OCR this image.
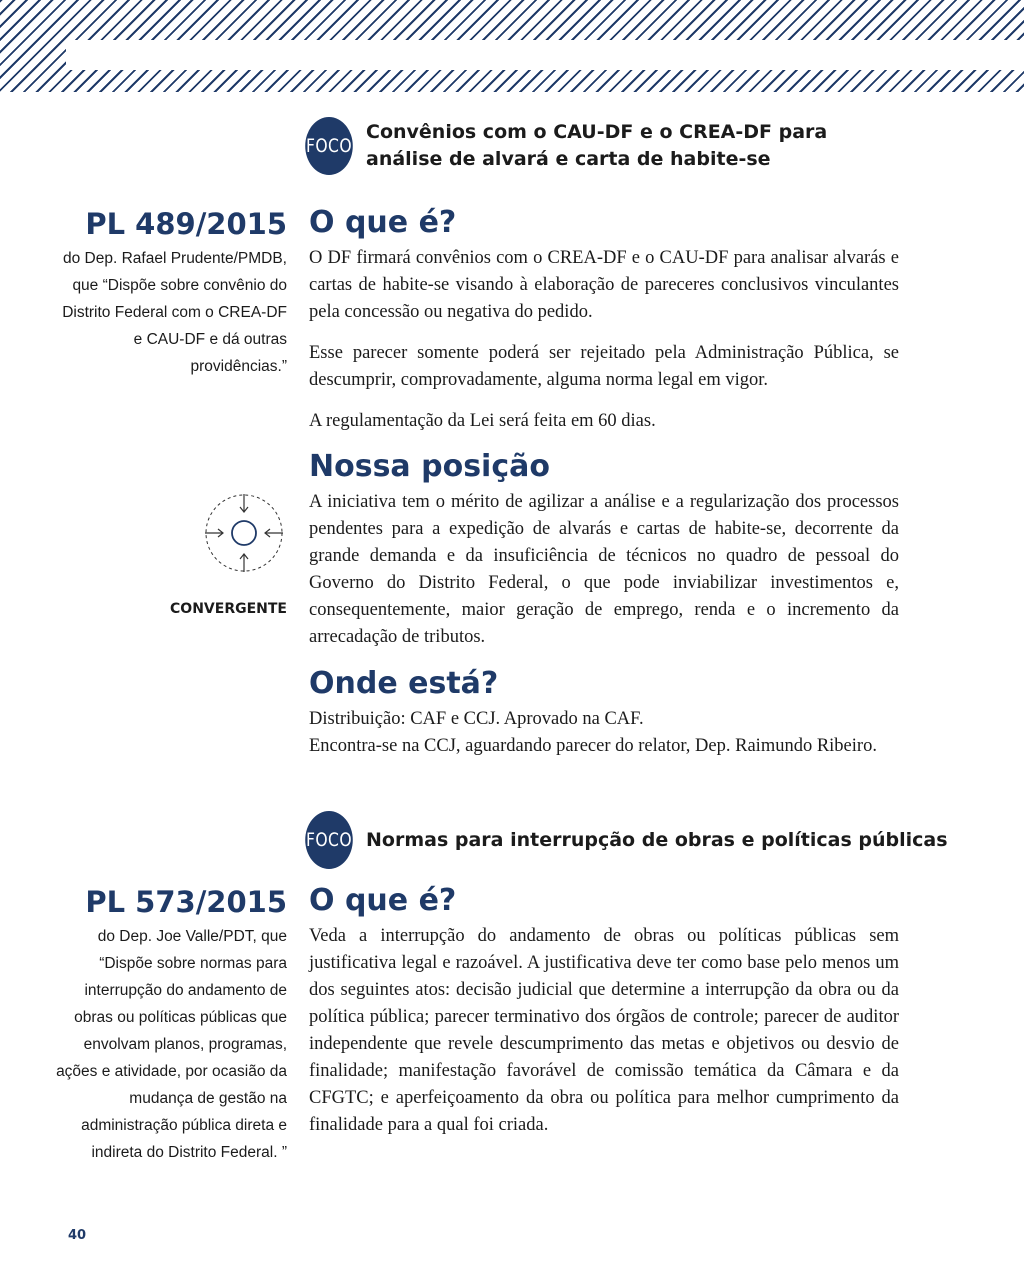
FOCO
Convênios com o CAU-DF e o CREA-DF para
análise de alvará e carta de habite-se
PL 489/2015
do Dep. Rafael Prudente/PMDB, que “Dispõe sobre convênio do Distrito Federal com o CREA-DF e CAU-DF e dá outras providências.”
O que é?
O DF firmará convênios com o CREA-DF e o CAU-DF para analisar alvarás e cartas de habite-se visando à elaboração de pareceres conclusivos vinculantes pela concessão ou negativa do pedido.
Esse parecer somente poderá ser rejeitado pela Administração Pública, se descumprir, comprovadamente, alguma norma legal em vigor.
A regulamentação da Lei será feita em 60 dias.
Nossa posição
CONVERGENTE
A iniciativa tem o mérito de agilizar a análise e a regularização dos processos pendentes para a expedição de alvarás e cartas de habite-se, decorrente da grande demanda e da insuficiência de técnicos no quadro de pessoal do Governo do Distrito Federal, o que pode inviabilizar investimentos e, consequentemente, maior geração de emprego, renda e o incremento da arrecadação de tributos.
Onde está?
Distribuição: CAF e CCJ. Aprovado na CAF.
Encontra-se na CCJ, aguardando parecer do relator, Dep. Raimundo Ribeiro.
FOCO Normas para interrupção de obras e políticas públicas
PL 573/2015
do Dep. Joe Valle/PDT, que “Dispõe sobre normas para interrupção do andamento de obras ou políticas públicas que envolvam planos, programas, ações e atividade, por ocasião da mudança de gestão na administração pública direta e indireta do Distrito Federal. ”
O que é?
Veda a interrupção do andamento de obras ou políticas públicas sem justificativa legal e razoável. A justificativa deve ter como base pelo menos um dos seguintes atos: decisão judicial que determine a interrupção da obra ou da política pública; parecer terminativo dos órgãos de controle; parecer de auditor independente que revele descumprimento das metas e objetivos ou desvio de finalidade; manifestação favorável de comissão temática da Câmara e da CFGTC; e aperfeiçoamento da obra ou política para melhor cumprimento da finalidade para a qual foi criada.
40
